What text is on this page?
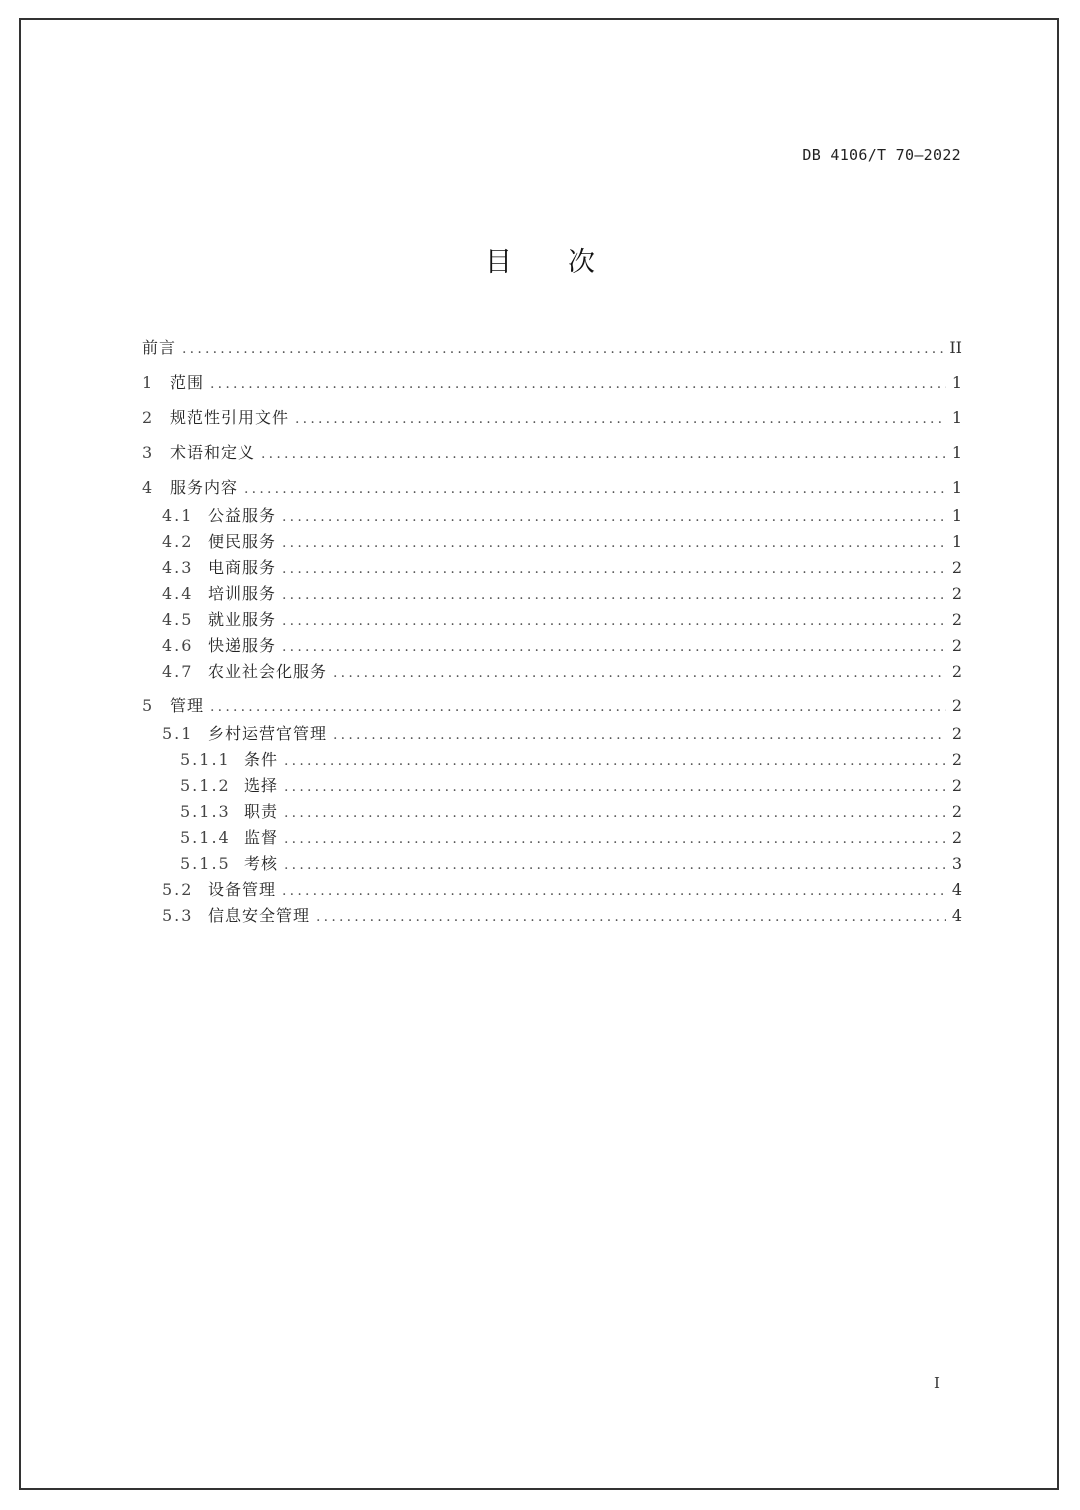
DB 4106/T 70—2022
目 次
前言 .....	II
1 范围 .....	1
2 规范性引用文件 .....	1
3 术语和定义 .....	1
4 服务内容 .....	1
4.1 公益服务 .....	1
4.2 便民服务 .....	1
4.3 电商服务 .....	2
4.4 培训服务 .....	2
4.5 就业服务 .....	2
4.6 快递服务 .....	2
4.7 农业社会化服务 .....	2
5 管理 .....	2
5.1 乡村运营官管理 .....	2
5.1.1 条件 .....	2
5.1.2 选择 .....	2
5.1.3 职责 .....	2
5.1.4 监督 .....	2
5.1.5 考核 .....	3
5.2 设备管理 .....	4
5.3 信息安全管理 .....	4
I
